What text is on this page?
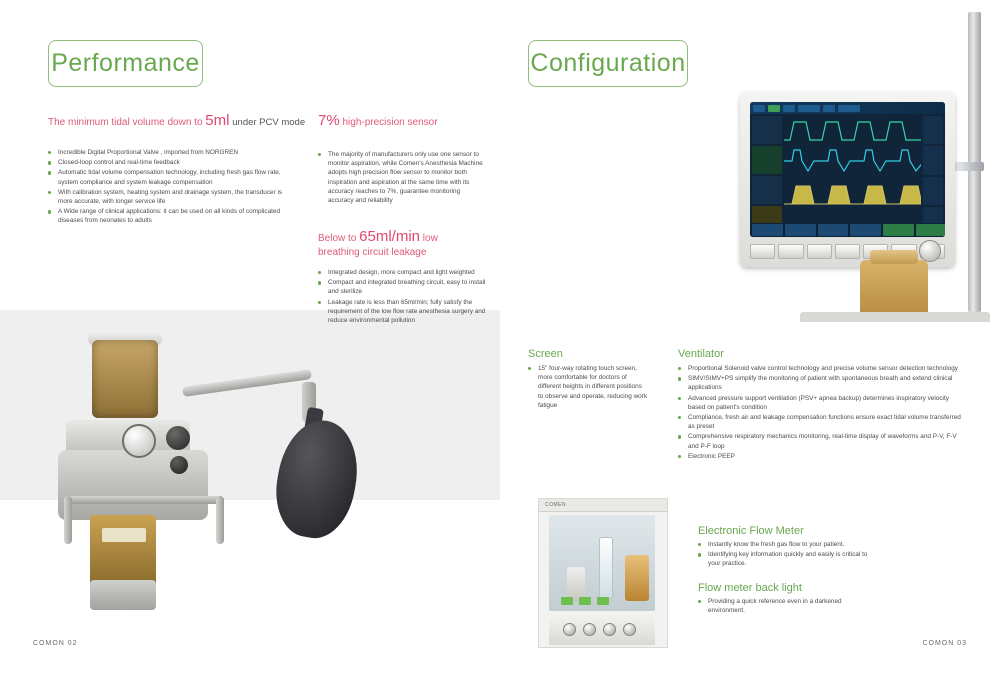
Performance	Configuration
The minimum tidal volume down to 5ml under PCV mode 7% high-precision sensor
Below to 65ml/min low
breathing circuit leakage
Incredible Digital Proportional Valve , imported from NORGREN
Closed-loop control and real-time feedback
Automatic tidal volume compensation technology, including fresh gas flow rate, system compliance and system leakage compensation
With calibration system, heating system and drainage system, the transducer is more accurate, with longer service life
A Wide range of clinical applications: it can be used on all kinds of complicated diseases from neonates to adults
The majority of manufacturers only use one sensor to monitor aspiration, while Comen's Anesthesia Machine adopts high precision flow sensor to monitor both inspiration and aspiration at the same time with its accuracy reaches to 7%, guarantee monitoring accuracy and reliability
Integrated design, more compact and light weighted
Compact and integrated breathing circuit, easy to install and sterilize
Leakage rate is less than 65ml/min; fully satisfy the requirement of the low flow rate anesthesia surgery and reduce environmental pollution
Screen
15" four-way rotating touch screen, more comfortable for doctors of different heights in different positions to observe and operate, reducing work fatigue
Ventilator
Proportional Solenoid valve control technology and precise volume sensor detection technology
SIMV/SIMV+PS simplify the monitoring of patient with spontaneous breath and extend clinical applications
Advanced pressure support ventilation (PSV+ apnea backup) determines inspiratory velocity based on patient's condition
Compliance, fresh air and leakage compensation functions ensure exact tidal volume transferred as preset
Comprehensive respiratory mechanics monitoring, real-time display of waveforms and P-V, F-V and P-F loop
Electronic PEEP
Electronic Flow Meter
Instantly know the fresh gas flow to your patient.
Identifying key information quickly and easily is critical to your practice.
Flow meter back light
Providing a quick reference even in a darkened environment.
COMON 02	COMON 03
COMEN
